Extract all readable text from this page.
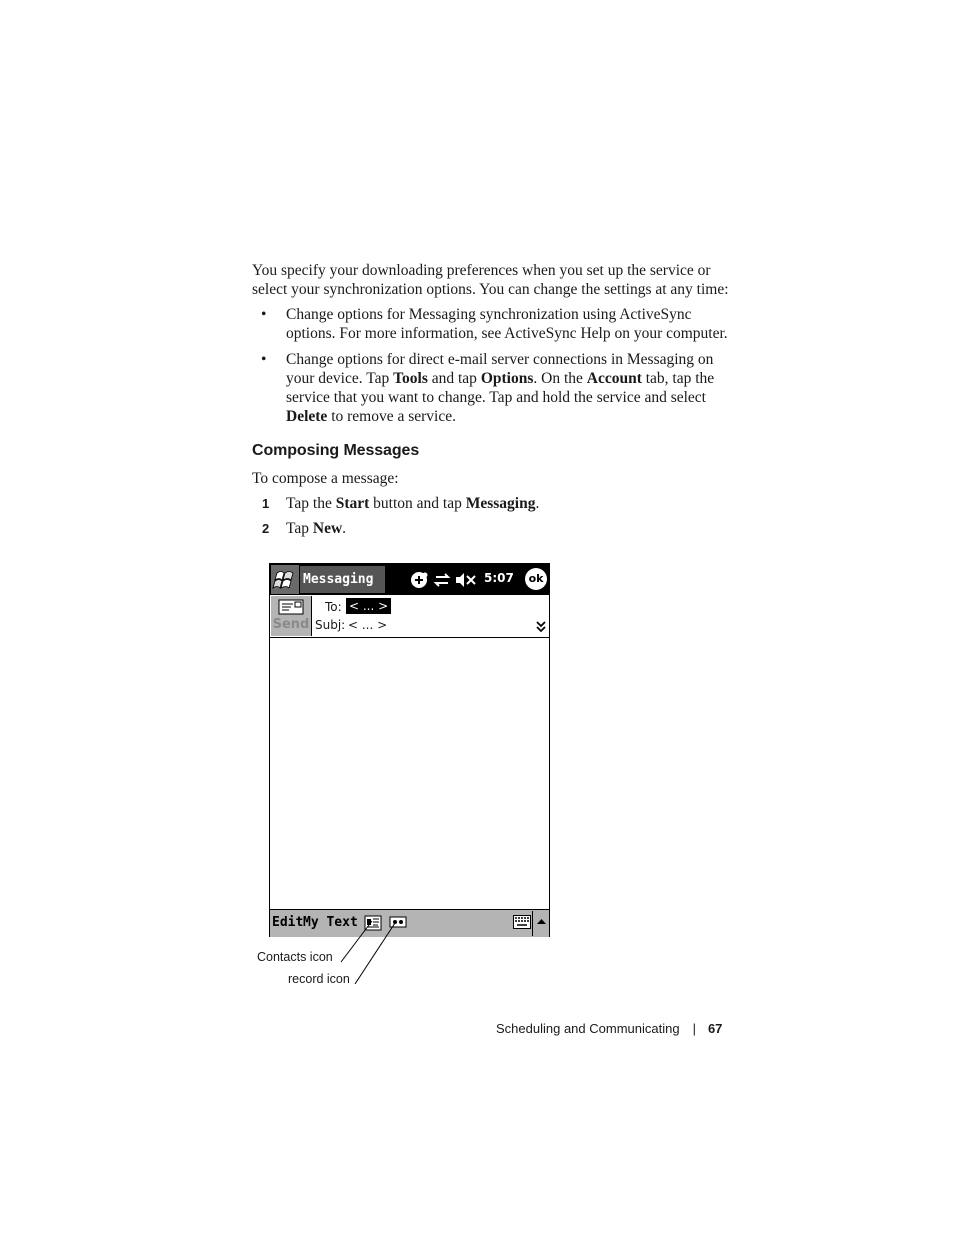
You specify your downloading preferences when you set up the service or select your synchronization options. You can change the settings at any time:

• Change options for Messaging synchronization using ActiveSync options. For more information, see ActiveSync Help on your computer.
• Change options for direct e-mail server connections in Messaging on your device. Tap Tools and tap Options. On the Account tab, tap the service that you want to change. Tap and hold the service and select Delete to remove a service.
Composing Messages
To compose a message:
1 Tap the Start button and tap Messaging.
2 Tap New.
Messaging	5:07	ok
Send
To: < ... >
Subj: < ... >
Edit My Text
Contacts icon
record icon
Scheduling and Communicating | 67
